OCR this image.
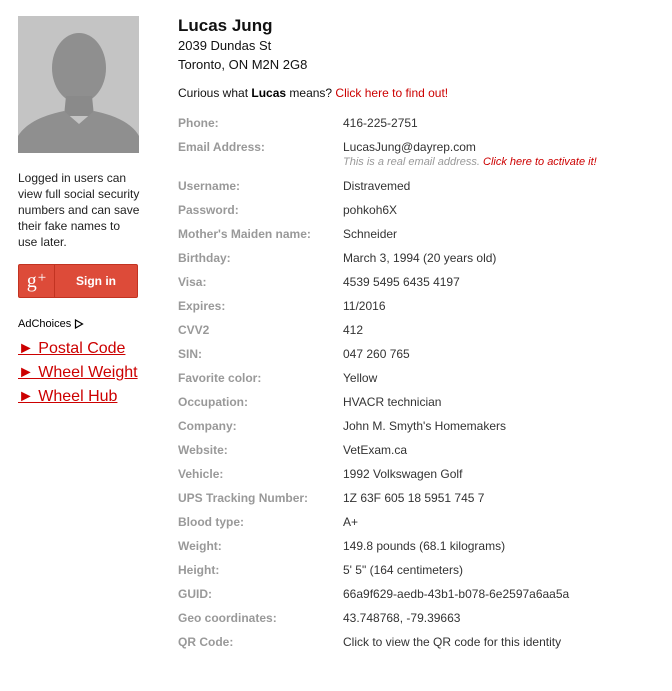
Logged in users can view full social security numbers and can save their fake names to use later.
g +	Sign in
AdChoices
► Postal Code
► Wheel Weight
► Wheel Hub
Lucas Jung
2039 Dundas St
Toronto, ON M2N 2G8
Curious what Lucas means? Click here to find out!
Phone:	416-225-2751
Email Address:	LucasJung@dayrep.com
This is a real email address. Click here to activate it!
Username:	Distravemed
Password:	pohkoh6X
Mother's Maiden name:	Schneider
Birthday:	March 3, 1994 (20 years old)
Visa:	4539 5495 6435 4197
Expires:	11/2016
CVV2	412
SIN:	047 260 765
Favorite color:	Yellow
Occupation:	HVACR technician
Company:	John M. Smyth's Homemakers
Website:	VetExam.ca
Vehicle:	1992 Volkswagen Golf
UPS Tracking Number:	1Z 63F 605 18 5951 745 7
Blood type:	A+
Weight:	149.8 pounds (68.1 kilograms)
Height:	5' 5" (164 centimeters)
GUID:	66a9f629-aedb-43b1-b078-6e2597a6aa5a
Geo coordinates:	43.748768, -79.39663
QR Code:	Click to view the QR code for this identity
